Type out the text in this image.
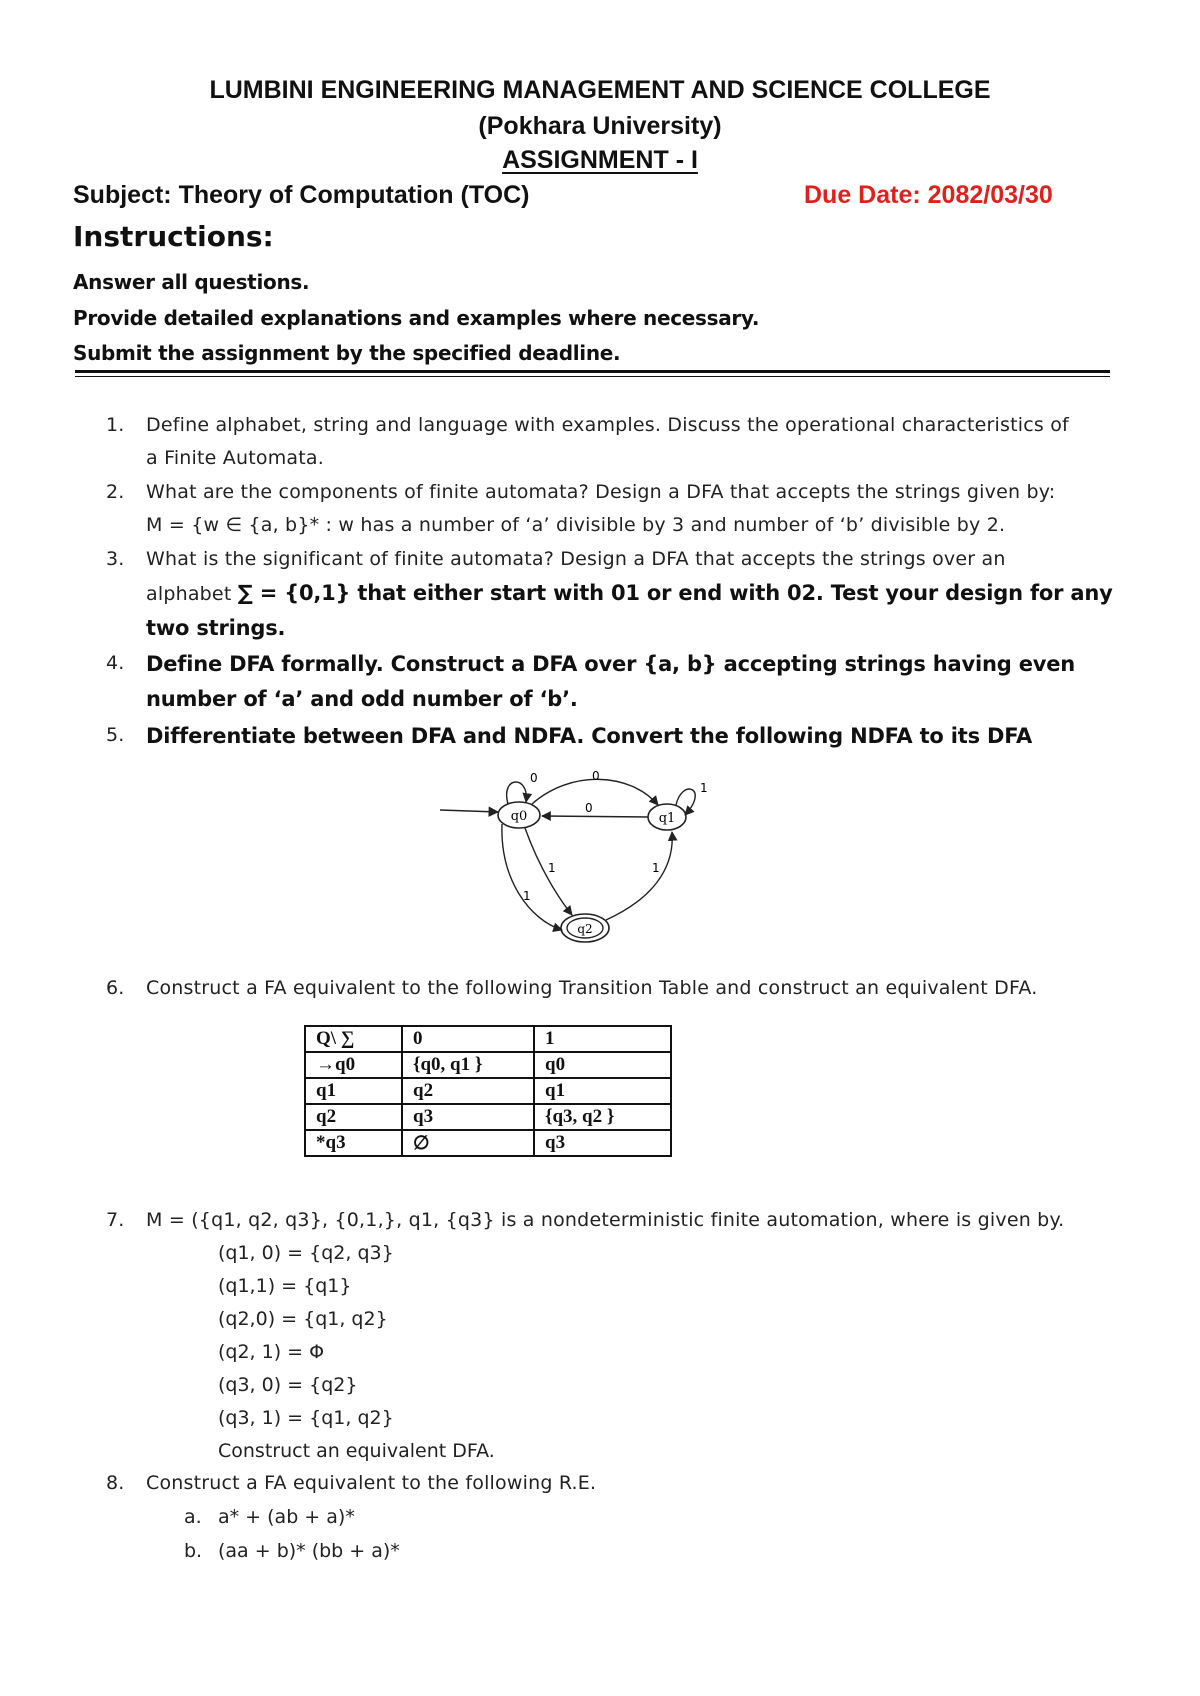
LUMBINI ENGINEERING MANAGEMENT AND SCIENCE COLLEGE
(Pokhara University)
ASSIGNMENT - I
Subject: Theory of Computation (TOC)	Due Date: 2082/03/30
Instructions:
Answer all questions.
Provide detailed explanations and examples where necessary.
Submit the assignment by the specified deadline.
1. Define alphabet, string and language with examples. Discuss the operational characteristics of
a Finite Automata.
2. What are the components of finite automata? Design a DFA that accepts the strings given by:
M = {w ∈ {a, b}* : w has a number of ‘a’ divisible by 3 and number of ‘b’ divisible by 2.
3. What is the significant of finite automata? Design a DFA that accepts the strings over an
alphabet ∑ = {0,1} that either start with 01 or end with 02. Test your design for any
two strings.
4. Define DFA formally. Construct a DFA over {a, b} accepting strings having even
number of ‘a’ and odd number of ‘b’.
5. Differentiate between DFA and NDFA. Convert the following NDFA to its DFA
q0	q1
q2
0	0
0
1
1
1
1
6. Construct a FA equivalent to the following Transition Table and construct an equivalent DFA.
Q\ ∑	0	1
→q0	{q0, q1 }	q0
q1	q2	q1
q2	q3	{q3, q2 }
*q3	∅	q3
7. M = ({q1, q2, q3}, {0,1,}, q1, {q3} is a nondeterministic finite automation, where is given by.
(q1, 0) = {q2, q3}
(q1,1) = {q1}
(q2,0) = {q1, q2}
(q2, 1) = Φ
(q3, 0) = {q2}
(q3, 1) = {q1, q2}
Construct an equivalent DFA.
8. Construct a FA equivalent to the following R.E.
a. a* + (ab + a)*
b. (aa + b)* (bb + a)*
